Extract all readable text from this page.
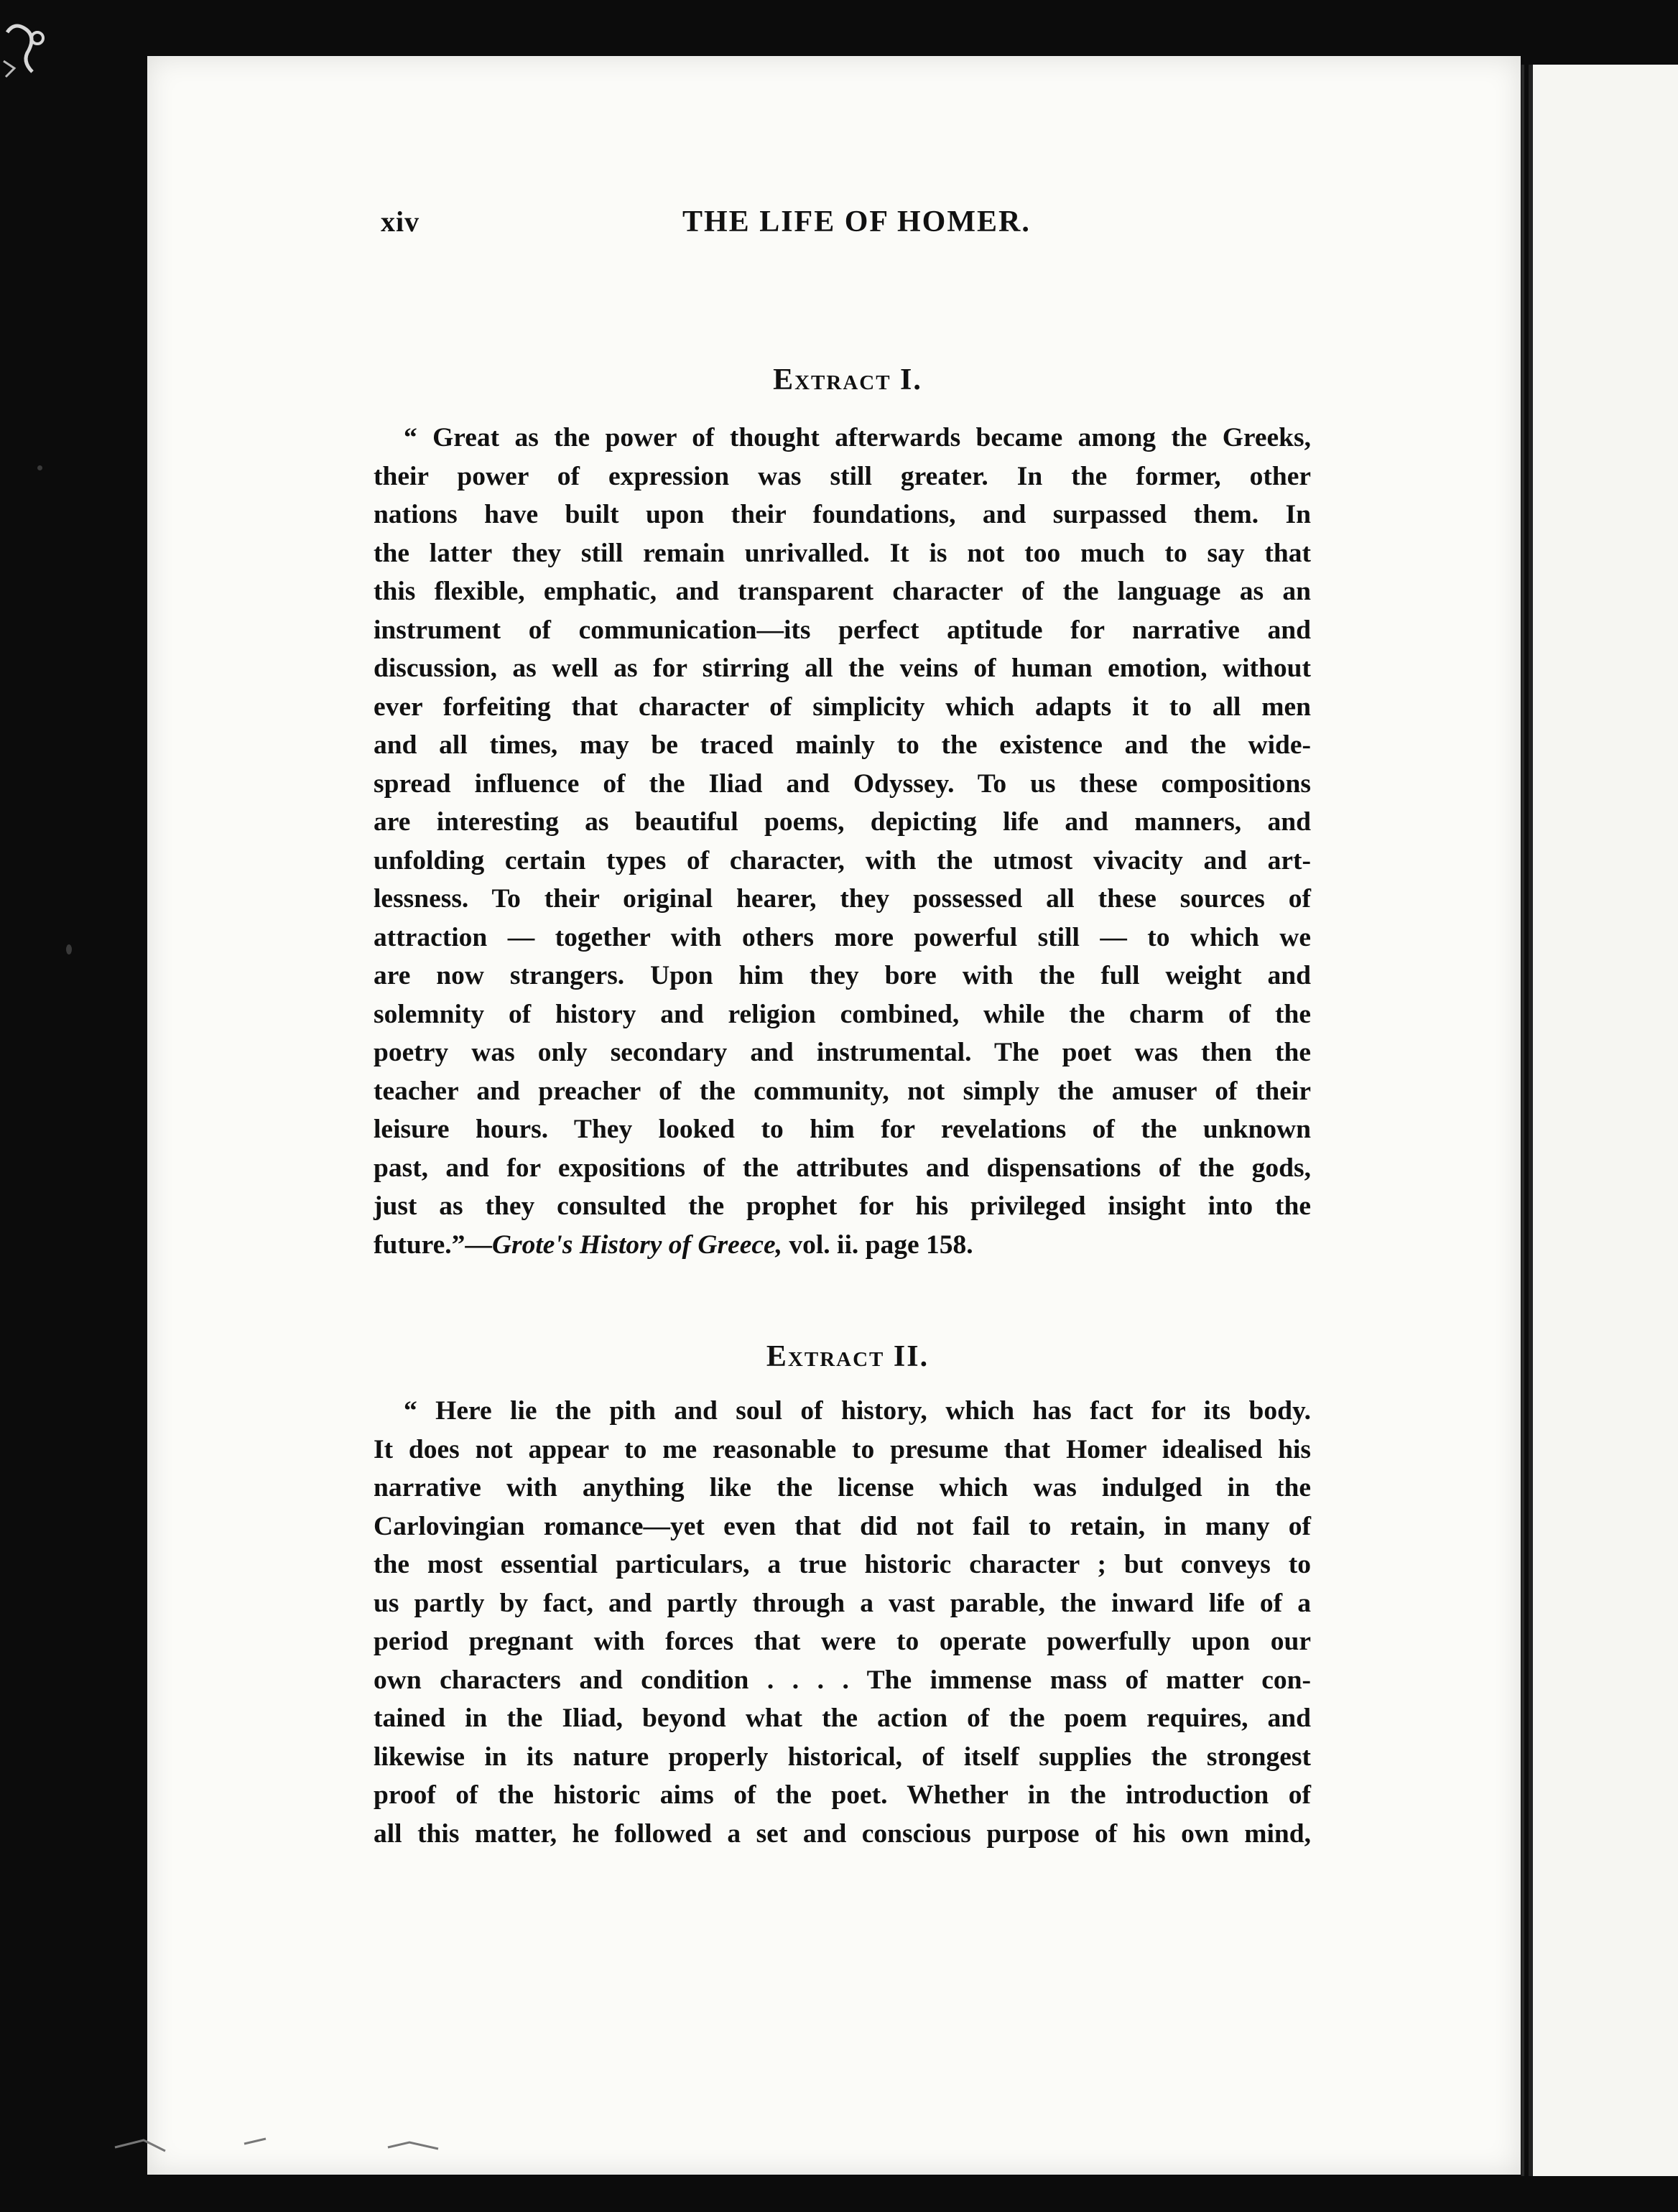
xiv	THE LIFE OF HOMER.
Extract I.
“ Great as the power of thought afterwards became among the Greeks,
their power of expression was still greater. In the former, other
nations have built upon their foundations, and surpassed them. In
the latter they still remain unrivalled. It is not too much to say that
this flexible, emphatic, and transparent character of the language as an
instrument of communication—its perfect aptitude for narrative and
discussion, as well as for stirring all the veins of human emotion, without
ever forfeiting that character of simplicity which adapts it to all men
and all times, may be traced mainly to the existence and the wide-
spread influence of the Iliad and Odyssey. To us these compositions
are interesting as beautiful poems, depicting life and manners, and
unfolding certain types of character, with the utmost vivacity and art-
lessness. To their original hearer, they possessed all these sources of
attraction — together with others more powerful still — to which we
are now strangers. Upon him they bore with the full weight and
solemnity of history and religion combined, while the charm of the
poetry was only secondary and instrumental. The poet was then the
teacher and preacher of the community, not simply the amuser of their
leisure hours. They looked to him for revelations of the unknown
past, and for expositions of the attributes and dispensations of the gods,
just as they consulted the prophet for his privileged insight into the
future.”—Grote's History of Greece, vol. ii. page 158.
Extract II.
“ Here lie the pith and soul of history, which has fact for its body.
It does not appear to me reasonable to presume that Homer idealised his
narrative with anything like the license which was indulged in the
Carlovingian romance—yet even that did not fail to retain, in many of
the most essential particulars, a true historic character ; but conveys to
us partly by fact, and partly through a vast parable, the inward life of a
period pregnant with forces that were to operate powerfully upon our
own characters and condition . . . . The immense mass of matter con-
tained in the Iliad, beyond what the action of the poem requires, and
likewise in its nature properly historical, of itself supplies the strongest
proof of the historic aims of the poet. Whether in the introduction of
all this matter, he followed a set and conscious purpose of his own mind,
